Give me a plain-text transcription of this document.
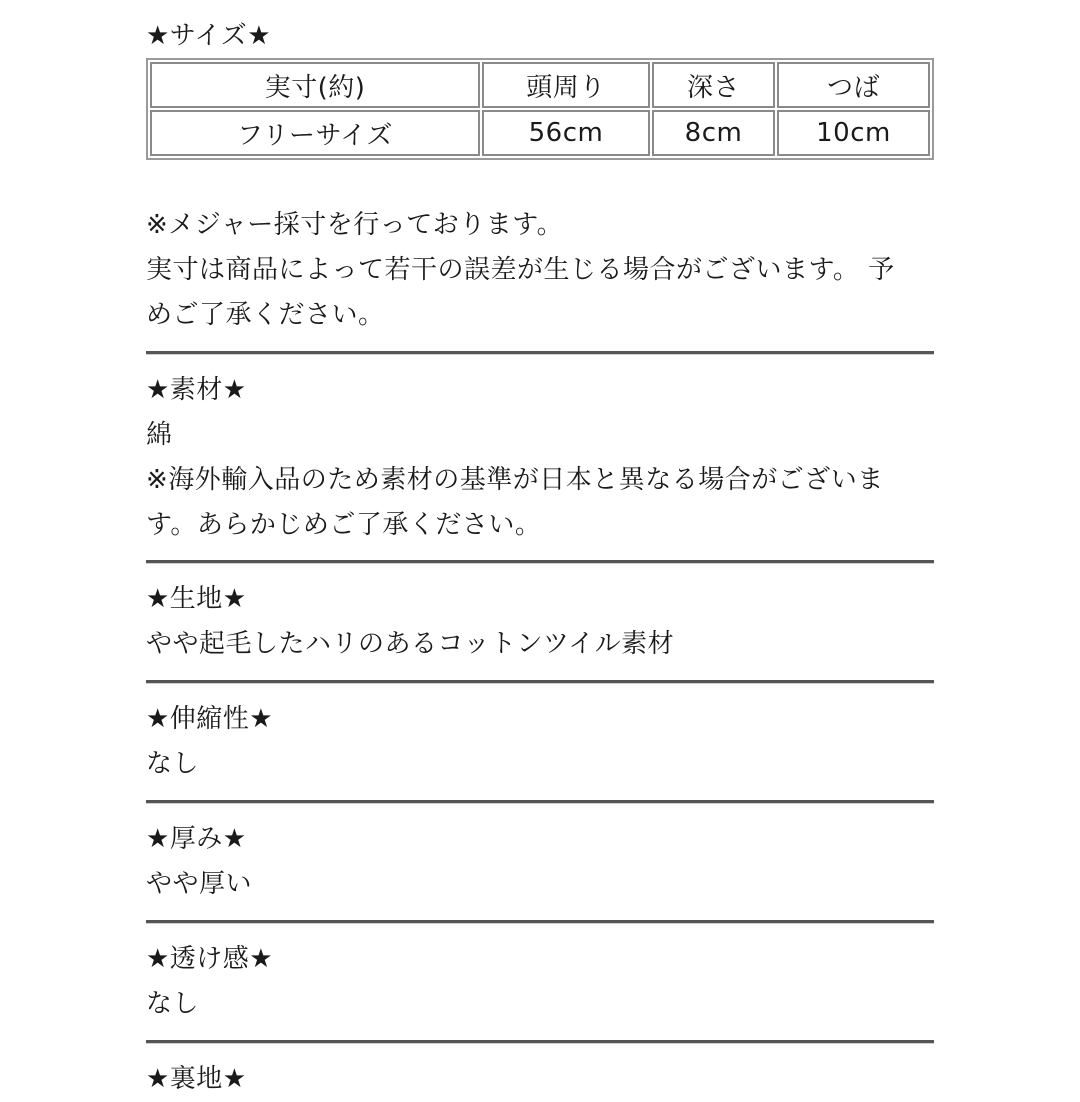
★サイズ★
実寸(約)	頭周り	深さ	つば
フリーサイズ	56cm	8cm	10cm
※メジャー採寸を行っております。
実寸は商品によって若干の誤差が生じる場合がございます。 予
めご了承ください。
★素材★
綿
※海外輸入品のため素材の基準が日本と異なる場合がございま
す。あらかじめご了承ください。
★生地★
やや起毛したハリのあるコットンツイル素材
★伸縮性★
なし
★厚み★
やや厚い
★透け感★
なし
★裏地★
